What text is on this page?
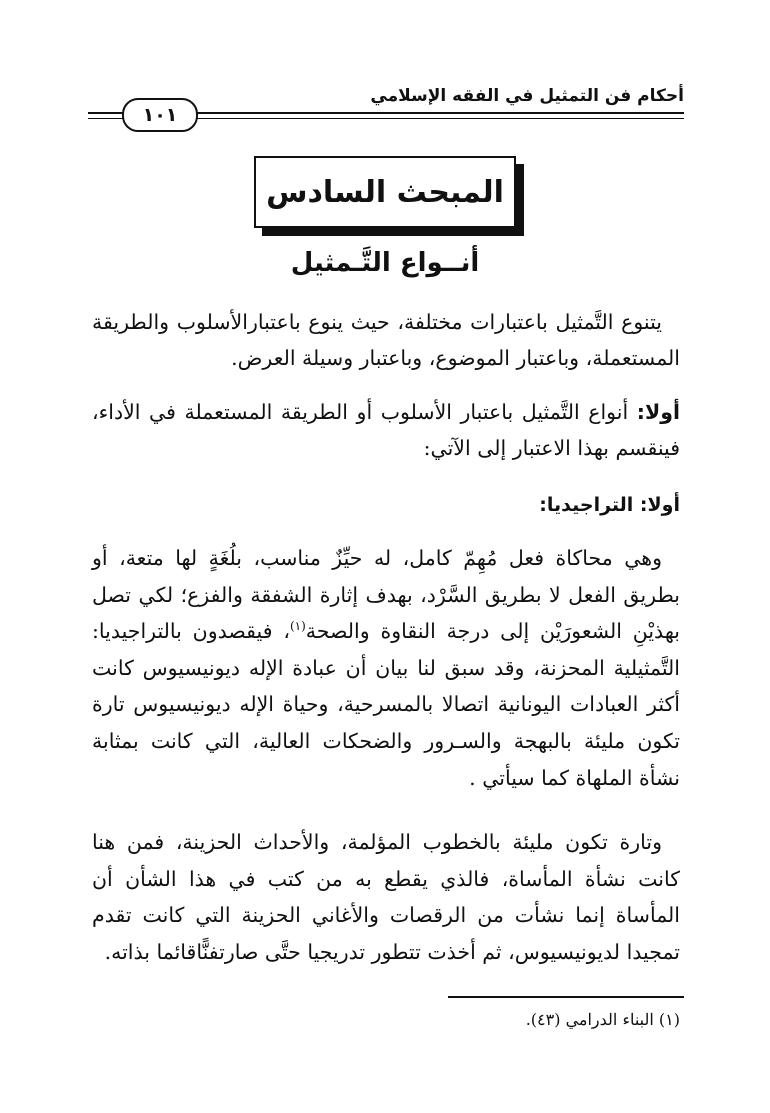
أحكام فن التمثيل في الفقه الإسلامي
١٠١
المبحث السادس
أنــواع التَّـمثيل

يتنوع التَّمثيل باعتبارات مختلفة، حيث ينوع باعتبارالأسلوب والطريقة المستعملة، وباعتبار الموضوع، وباعتبار وسيلة العرض.

أولا: أنواع التَّمثيل باعتبار الأسلوب أو الطريقة المستعملة في الأداء، فينقسم بهذا الاعتبار إلى الآتي:

أولا: التراجيديا:

وهي محاكاة فعل مُهِمّ كامل، له حيِّزٌ مناسب، بلُغَةٍ لها متعة، أو بطريق الفعل لا بطريق السَّرْد، بهدف إثارة الشفقة والفزع؛ لكي تصل بهذيْنِ الشعورَيْن إلى درجة النقاوة والصحة$^{(١)}$، فيقصدون بالتراجيديا: التَّمثيلية المحزنة، وقد سبق لنا بيان أن عبادة الإله ديونيسيوس كانت أكثر العبادات اليونانية اتصالا بالمسرحية، وحياة الإله ديونيسيوس تارة تكون مليئة بالبهجة والسـرور والضحكات العالية، التي كانت بمثابة نشأة الملهاة كما سيأتي .

وتارة تكون مليئة بالخطوب المؤلمة، والأحداث الحزينة، فمن هنا كانت نشأة المأساة، فالذي يقطع به من كتب في هذا الشأن أن المأساة إنما نشأت من الرقصات والأغاني الحزينة التي كانت تقدم تمجيدا لديونيسيوس، ثم أخذت تتطور تدريجيا حتَّى صارتفنًّاقائما بذاته.

(١) البناء الدرامي (٤٣).
